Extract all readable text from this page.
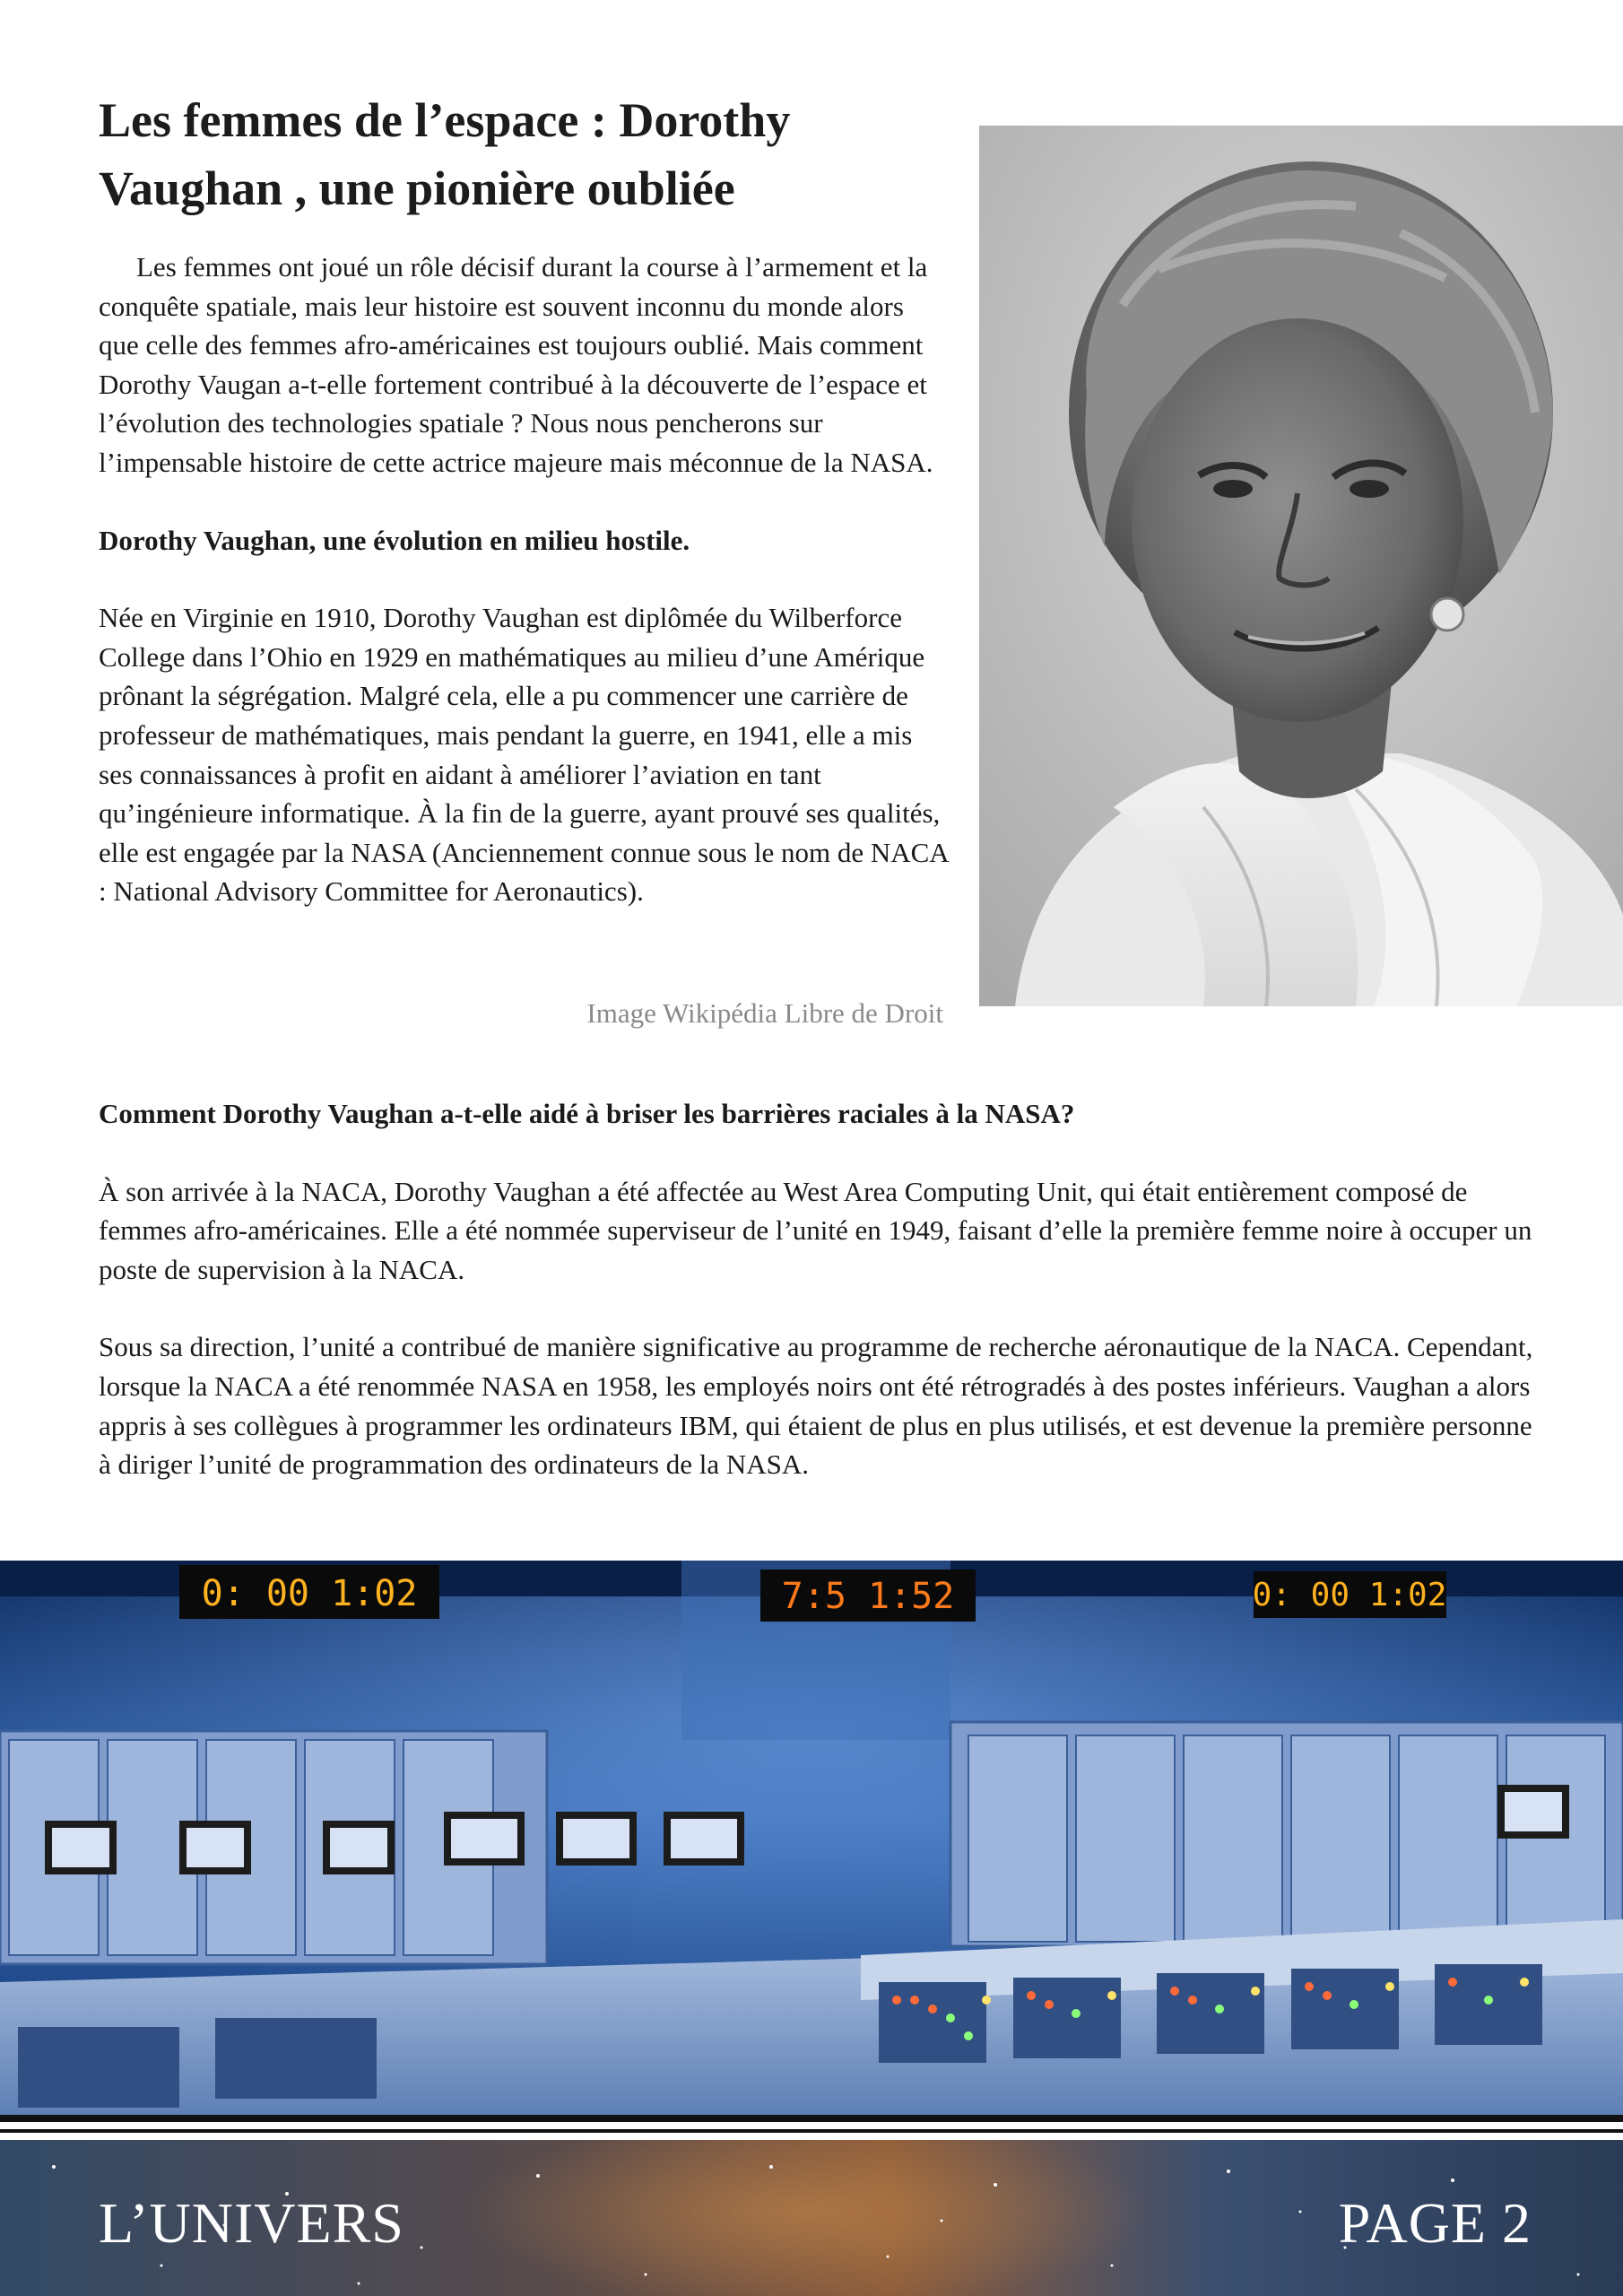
Les femmes de l’espace : Dorothy Vaughan , une pionière oubliée

Les femmes ont joué un rôle décisif durant la course à l’armement et la conquête spatiale, mais leur histoire est souvent inconnu du monde alors que celle des femmes afro-américaines est toujours oublié. Mais comment Dorothy Vaugan a-t-elle fortement contribué à la découverte de l’espace et l’évolution des technologies spatiale ? Nous nous pencherons sur l’impensable histoire de cette actrice majeure mais méconnue de la NASA.

Dorothy Vaughan, une évolution en milieu hostile.

Née en Virginie en 1910, Dorothy Vaughan est diplômée du Wilberforce College dans l’Ohio en 1929 en mathématiques au milieu d’une Amérique prônant la ségrégation. Malgré cela, elle a pu commencer une carrière de professeur de mathématiques, mais pendant la guerre, en 1941, elle a mis ses connaissances à profit en aidant à améliorer l’aviation en tant qu’ingénieure informatique. À la fin de la guerre, ayant prouvé ses qualités, elle est engagée par la NASA (Anciennement connue sous le nom de NACA : National Advisory Committee for Aeronautics).

Image Wikipédia Libre de Droit

Comment Dorothy Vaughan a-t-elle aidé à briser les barrières raciales à la NASA?

À son arrivée à la NACA, Dorothy Vaughan a été affectée au West Area Computing Unit, qui était entièrement composé de femmes afro-américaines. Elle a été nommée superviseur de l’unité en 1949, faisant d’elle la première femme noire à occuper un poste de supervision à la NACA.

Sous sa direction, l’unité a contribué de manière significative au programme de recherche aéronautique de la NACA. Cependant, lorsque la NACA a été renommée NASA en 1958, les employés noirs ont été rétrogradés à des postes inférieurs. Vaughan a alors appris à ses collègues à programmer les ordinateurs IBM, qui étaient de plus en plus utilisés, et est devenue la première personne à diriger l’unité de programmation des ordinateurs de la NASA.

0: 00 1:02	7:5 1:52	0: 00 1:02
L’UNIVERS	PAGE 2
